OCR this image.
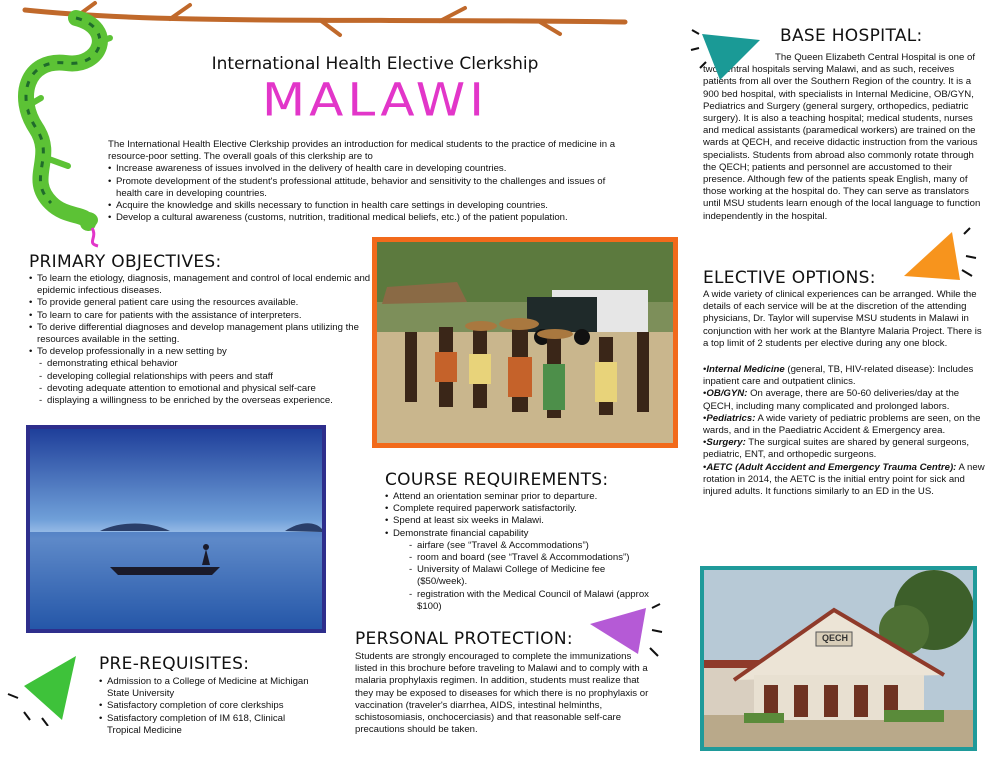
International Health Elective Clerkship
MALAWI
The International Health Elective Clerkship provides an introduction for medical students to the practice of medicine in a resource-poor setting. The overall goals of this clerkship are to
• Increase awareness of issues involved in the delivery of health care in developing countries.
• Promote development of the student's professional attitude, behavior and sensitivity to the challenges and issues of health care in developing countries.
• Acquire the knowledge and skills necessary to function in health care settings in developing countries.
• Develop a cultural awareness (customs, nutrition, traditional medical beliefs, etc.) of the patient population.
PRIMARY OBJECTIVES:
• To learn the etiology, diagnosis, management and control of local endemic and epidemic infectious diseases.
• To provide general patient care using the resources available.
• To learn to care for patients with the assistance of interpreters.
• To derive differential diagnoses and develop management plans utilizing the resources available in the setting.
• To develop professionally in a new setting by
- demonstrating ethical behavior
- developing collegial relationships with peers and staff
- devoting adequate attention to emotional and physical self-care
- displaying a willingness to be enriched by the overseas experience.
COURSE REQUIREMENTS:
• Attend an orientation seminar prior to departure.
• Complete required paperwork satisfactorily.
• Spend at least six weeks in Malawi.
• Demonstrate financial capability
- airfare (see “Travel & Accommodations”)
- room and board (see “Travel & Accommodations”)
- University of Malawi College of Medicine fee ($50/week).
- registration with the Medical Council of Malawi (approx $100)
PERSONAL PROTECTION:
Students are strongly encouraged to complete the immunizations listed in this brochure before traveling to Malawi and to comply with a malaria prophylaxis regimen. In addition, students must realize that they may be exposed to diseases for which there is no prophylaxis or vaccination (traveler's diarrhea, AIDS, intestinal helminths, schistosomiasis, onchocerciasis) and that reasonable self-care precautions should be taken.
PRE-REQUISITES:
• Admission to a College of Medicine at Michigan State University
• Satisfactory completion of core clerkships
• Satisfactory completion of IM 618, Clinical Tropical Medicine
BASE HOSPITAL:
The Queen Elizabeth Central Hospital is one of two central hospitals serving Malawi, and as such, receives patients from all over the Southern Region of the country. It is a 900 bed hospital, with specialists in Internal Medicine, OB/GYN, Pediatrics and Surgery (general surgery, orthopedics, pediatric surgery). It is also a teaching hospital; medical students, nurses and medical assistants (paramedical workers) are trained on the wards at QECH, and receive didactic instruction from the various specialists. Students from abroad also commonly rotate through the QECH; patients and personnel are accustomed to their presence. Although few of the patients speak English, many of those working at the hospital do. They can serve as translators until MSU students learn enough of the local language to function independently in the hospital.
ELECTIVE OPTIONS:
A wide variety of clinical experiences can be arranged. While the details of each service will be at the discretion of the attending physicians, Dr. Taylor will supervise MSU students in Malawi in conjunction with her work at the Blantyre Malaria Project. There is a top limit of 2 students per elective during any one block.
•Internal Medicine (general, TB, HIV-related disease): Includes inpatient care and outpatient clinics.
•OB/GYN: On average, there are 50-60 deliveries/day at the QECH, including many complicated and prolonged labors.
•Pediatrics: A wide variety of pediatric problems are seen, on the wards, and in the Paediatric Accident & Emergency area.
•Surgery: The surgical suites are shared by general surgeons, pediatric, ENT, and orthopedic surgeons.
•AETC (Adult Accident and Emergency Trauma Centre): A new rotation in 2014, the AETC is the initial entry point for sick and injured adults. It functions similarly to an ED in the US.
QECH
